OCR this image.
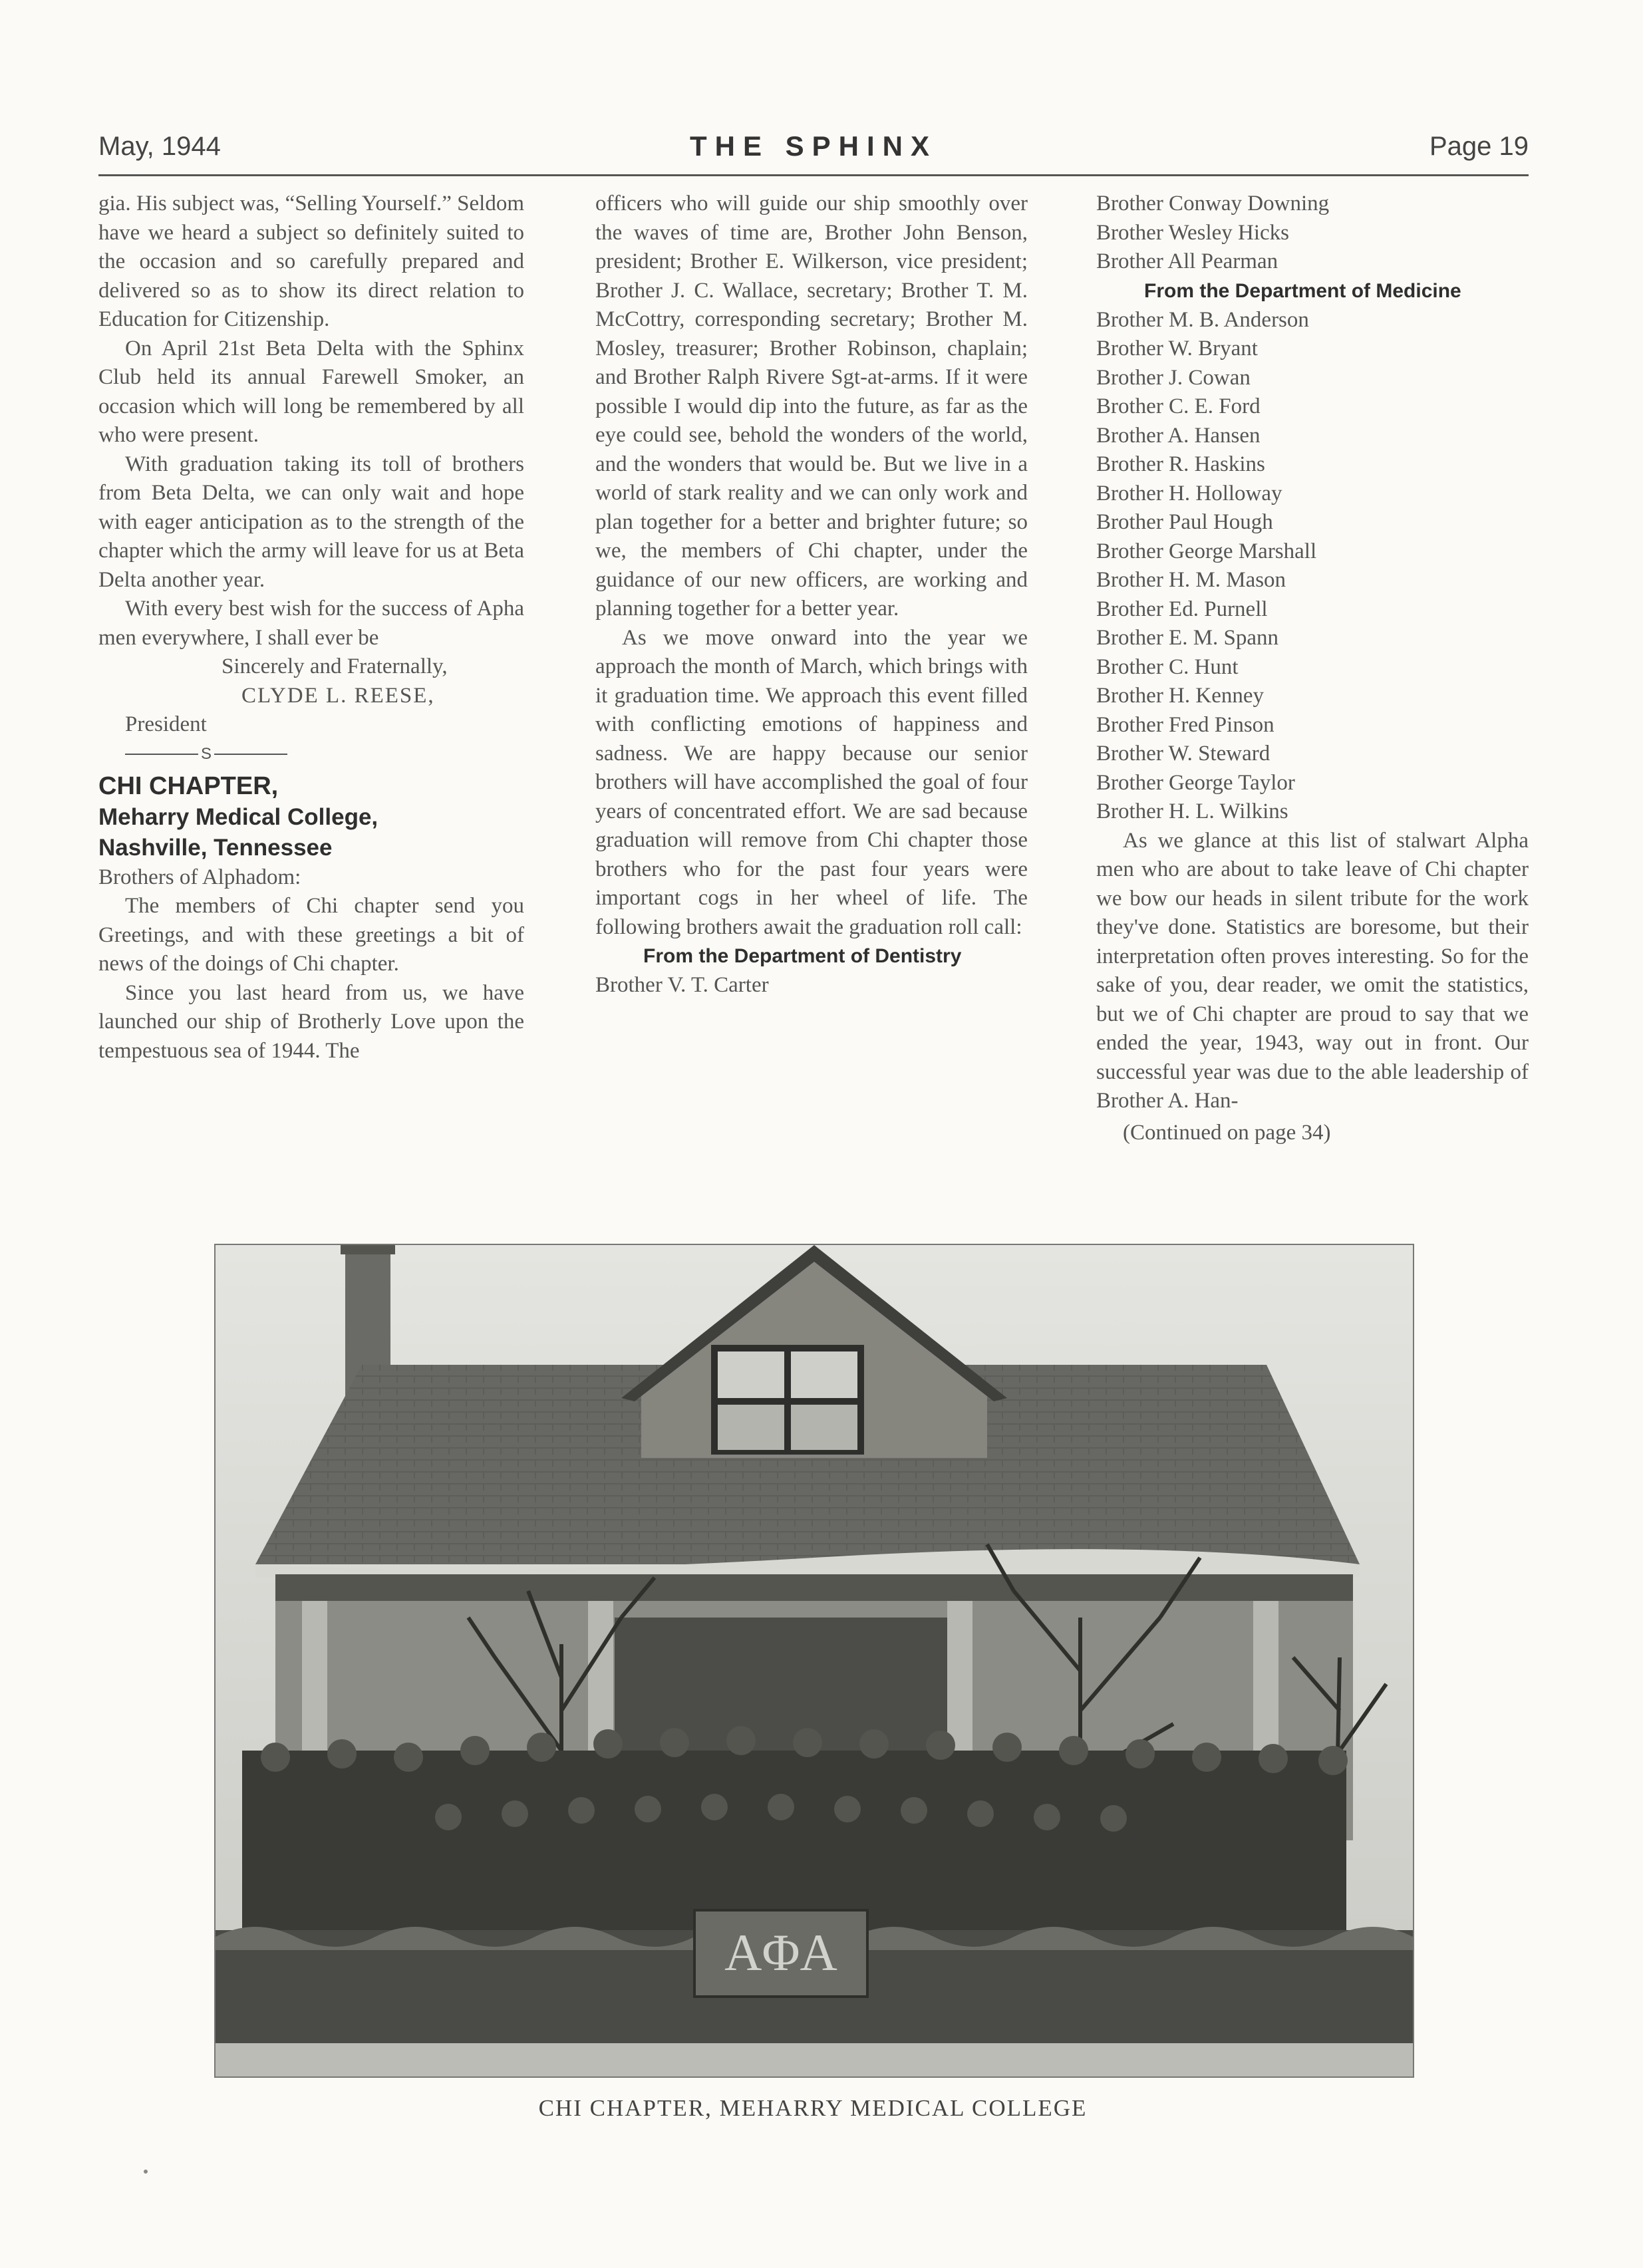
May, 1944	THE SPHINX	Page 19

gia. His subject was, “Selling Yourself.” Seldom have we heard a subject so definitely suited to the occasion and so carefully prepared and delivered so as to show its direct relation to Education for Citizenship.

On April 21st Beta Delta with the Sphinx Club held its annual Farewell Smoker, an occasion which will long be remembered by all who were present.

With graduation taking its toll of brothers from Beta Delta, we can only wait and hope with eager anticipation as to the strength of the chapter which the army will leave for us at Beta Delta another year.

With every best wish for the success of Apha men everywhere, I shall ever be

Sincerely and Fraternally,

CLYDE L. REESE,

President

S

CHI CHAPTER,
Meharry Medical College,
Nashville, Tennessee

Brothers of Alphadom:

The members of Chi chapter send you Greetings, and with these greetings a bit of news of the doings of Chi chapter.

Since you last heard from us, we have launched our ship of Brotherly Love upon the tempestuous sea of 1944. The

officers who will guide our ship smoothly over the waves of time are, Brother John Benson, president; Brother E. Wilkerson, vice president; Brother J. C. Wallace, secretary; Brother T. M. McCottry, corresponding secretary; Brother M. Mosley, treasurer; Brother Robinson, chaplain; and Brother Ralph Rivere Sgt-at-arms. If it were possible I would dip into the future, as far as the eye could see, behold the wonders of the world, and the wonders that would be. But we live in a world of stark reality and we can only work and plan together for a better and brighter future; so we, the members of Chi chapter, under the guidance of our new officers, are working and planning together for a better year.

As we move onward into the year we approach the month of March, which brings with it graduation time. We approach this event filled with conflicting emotions of happiness and sadness. We are happy because our senior brothers will have accomplished the goal of four years of concentrated effort. We are sad because graduation will remove from Chi chapter those brothers who for the past four years were important cogs in her wheel of life. The following brothers await the graduation roll call:

From the Department of Dentistry

Brother V. T. Carter

Brother Conway Downing

Brother Wesley Hicks

Brother All Pearman

From the Department of Medicine

Brother M. B. Anderson

Brother W. Bryant

Brother J. Cowan

Brother C. E. Ford

Brother A. Hansen

Brother R. Haskins

Brother H. Holloway

Brother Paul Hough

Brother George Marshall

Brother H. M. Mason

Brother Ed. Purnell

Brother E. M. Spann

Brother C. Hunt

Brother H. Kenney

Brother Fred Pinson

Brother W. Steward

Brother George Taylor

Brother H. L. Wilkins

As we glance at this list of stalwart Alpha men who are about to take leave of Chi chapter we bow our heads in silent tribute for the work they've done. Statistics are boresome, but their interpretation often proves interesting. So for the sake of you, dear reader, we omit the statistics, but we of Chi chapter are proud to say that we ended the year, 1943, way out in front. Our successful year was due to the able leadership of Brother A. Han-

(Continued on page 34)

AΦA
CHI CHAPTER, MEHARRY MEDICAL COLLEGE
